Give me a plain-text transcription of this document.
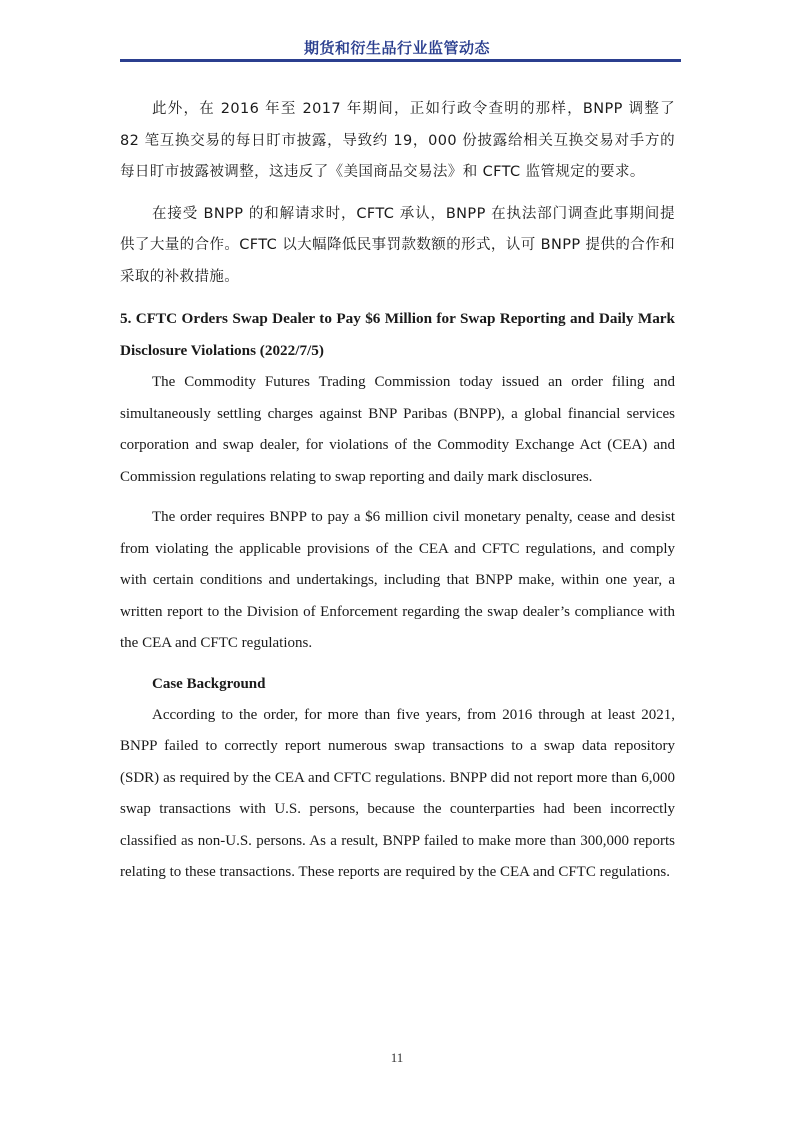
期货和衍生品行业监管动态

此外，在 2016 年至 2017 年期间，正如行政令查明的那样，BNPP 调整了 82 笔互换交易的每日盯市披露，导致约 19，000 份披露给相关互换交易对手方的每日盯市披露被调整，这违反了《美国商品交易法》和 CFTC 监管规定的要求。

在接受 BNPP 的和解请求时，CFTC 承认，BNPP 在执法部门调查此事期间提供了大量的合作。CFTC 以大幅降低民事罚款数额的形式，认可 BNPP 提供的合作和采取的补救措施。

5. CFTC Orders Swap Dealer to Pay $6 Million for Swap Reporting and Daily Mark Disclosure Violations (2022/7/5)

The Commodity Futures Trading Commission today issued an order filing and simultaneously settling charges against BNP Paribas (BNPP), a global financial services corporation and swap dealer, for violations of the Commodity Exchange Act (CEA) and Commission regulations relating to swap reporting and daily mark disclosures.

The order requires BNPP to pay a $6 million civil monetary penalty, cease and desist from violating the applicable provisions of the CEA and CFTC regulations, and comply with certain conditions and undertakings, including that BNPP make, within one year, a written report to the Division of Enforcement regarding the swap dealer’s compliance with the CEA and CFTC regulations.

Case Background

According to the order, for more than five years, from 2016 through at least 2021, BNPP failed to correctly report numerous swap transactions to a swap data repository (SDR) as required by the CEA and CFTC regulations. BNPP did not report more than 6,000 swap transactions with U.S. persons, because the counterparties had been incorrectly classified as non-U.S. persons. As a result, BNPP failed to make more than 300,000 reports relating to these transactions. These reports are required by the CEA and CFTC regulations.

11
